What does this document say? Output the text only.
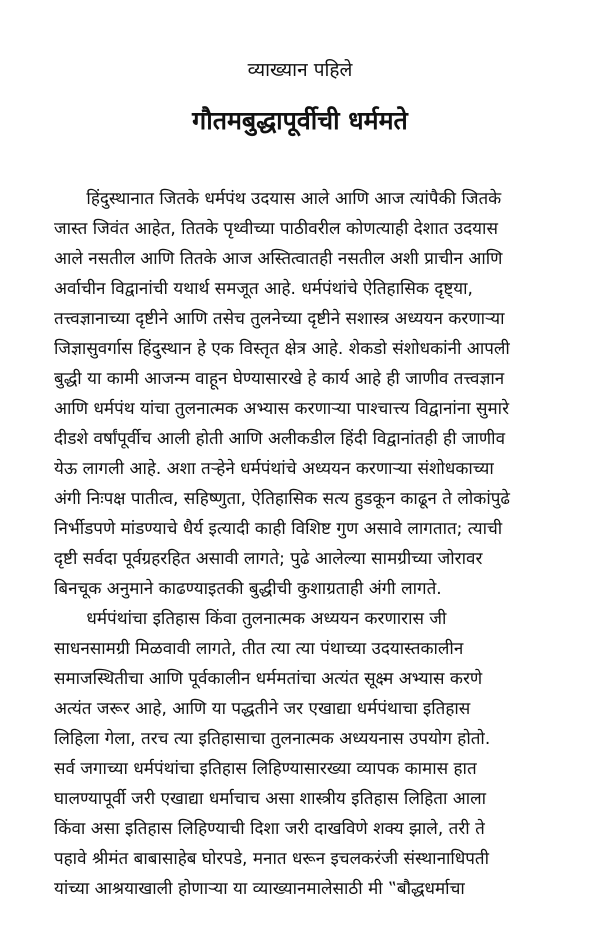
व्याख्यान पहिले
गौतमबुद्धापूर्वीची धर्ममते
हिंदुस्थानात जितके धर्मपंथ उदयास आले आणि आज त्यांपैकी जितके
जास्त जिवंत आहेत, तितके पृथ्वीच्या पाठीवरील कोणत्याही देशात उदयास
आले नसतील आणि तितके आज अस्तित्वातही नसतील अशी प्राचीन आणि
अर्वाचीन विद्वानांची यथार्थ समजूत आहे. धर्मपंथांचे ऐतिहासिक दृष्ट्या,
तत्त्वज्ञानाच्या दृष्टीने आणि तसेच तुलनेच्या दृष्टीने सशास्त्र अध्ययन करणाऱ्या
जिज्ञासुवर्गास हिंदुस्थान हे एक विस्तृत क्षेत्र आहे. शेकडो संशोधकांनी आपली
बुद्धी या कामी आजन्म वाहून घेण्यासारखे हे कार्य आहे ही जाणीव तत्त्वज्ञान
आणि धर्मपंथ यांचा तुलनात्मक अभ्यास करणाऱ्या पाश्चात्त्य विद्वानांना सुमारे
दीडशे वर्षांपूर्वीच आली होती आणि अलीकडील हिंदी विद्वानांतही ही जाणीव
येऊ लागली आहे. अशा तऱ्हेने धर्मपंथांचे अध्ययन करणाऱ्या संशोधकाच्या
अंगी निःपक्ष पातीत्व, सहिष्णुता, ऐतिहासिक सत्य हुडकून काढून ते लोकांपुढे
निर्भीडपणे मांडण्याचे धैर्य इत्यादी काही विशिष्ट गुण असावे लागतात; त्याची
दृष्टी सर्वदा पूर्वग्रहरहित असावी लागते; पुढे आलेल्या सामग्रीच्या जोरावर
बिनचूक अनुमाने काढण्याइतकी बुद्धीची कुशाग्रताही अंगी लागते.
धर्मपंथांचा इतिहास किंवा तुलनात्मक अध्ययन करणारास जी
साधनसामग्री मिळवावी लागते, तीत त्या त्या पंथाच्या उदयास्तकालीन
समाजस्थितीचा आणि पूर्वकालीन धर्ममतांचा अत्यंत सूक्ष्म अभ्यास करणे
अत्यंत जरूर आहे, आणि या पद्धतीने जर एखाद्या धर्मपंथाचा इतिहास
लिहिला गेला, तरच त्या इतिहासाचा तुलनात्मक अध्ययनास उपयोग होतो.
सर्व जगाच्या धर्मपंथांचा इतिहास लिहिण्यासारख्या व्यापक कामास हात
घालण्यापूर्वी जरी एखाद्या धर्माचाच असा शास्त्रीय इतिहास लिहिता आला
किंवा असा इतिहास लिहिण्याची दिशा जरी दाखविणे शक्य झाले, तरी ते
पहावे श्रीमंत बाबासाहेब घोरपडे, मनात धरून इचलकरंजी संस्थानाधिपती
यांच्या आश्रयाखाली होणाऱ्या या व्याख्यानमालेसाठी मी ‟बौद्धधर्माचा
